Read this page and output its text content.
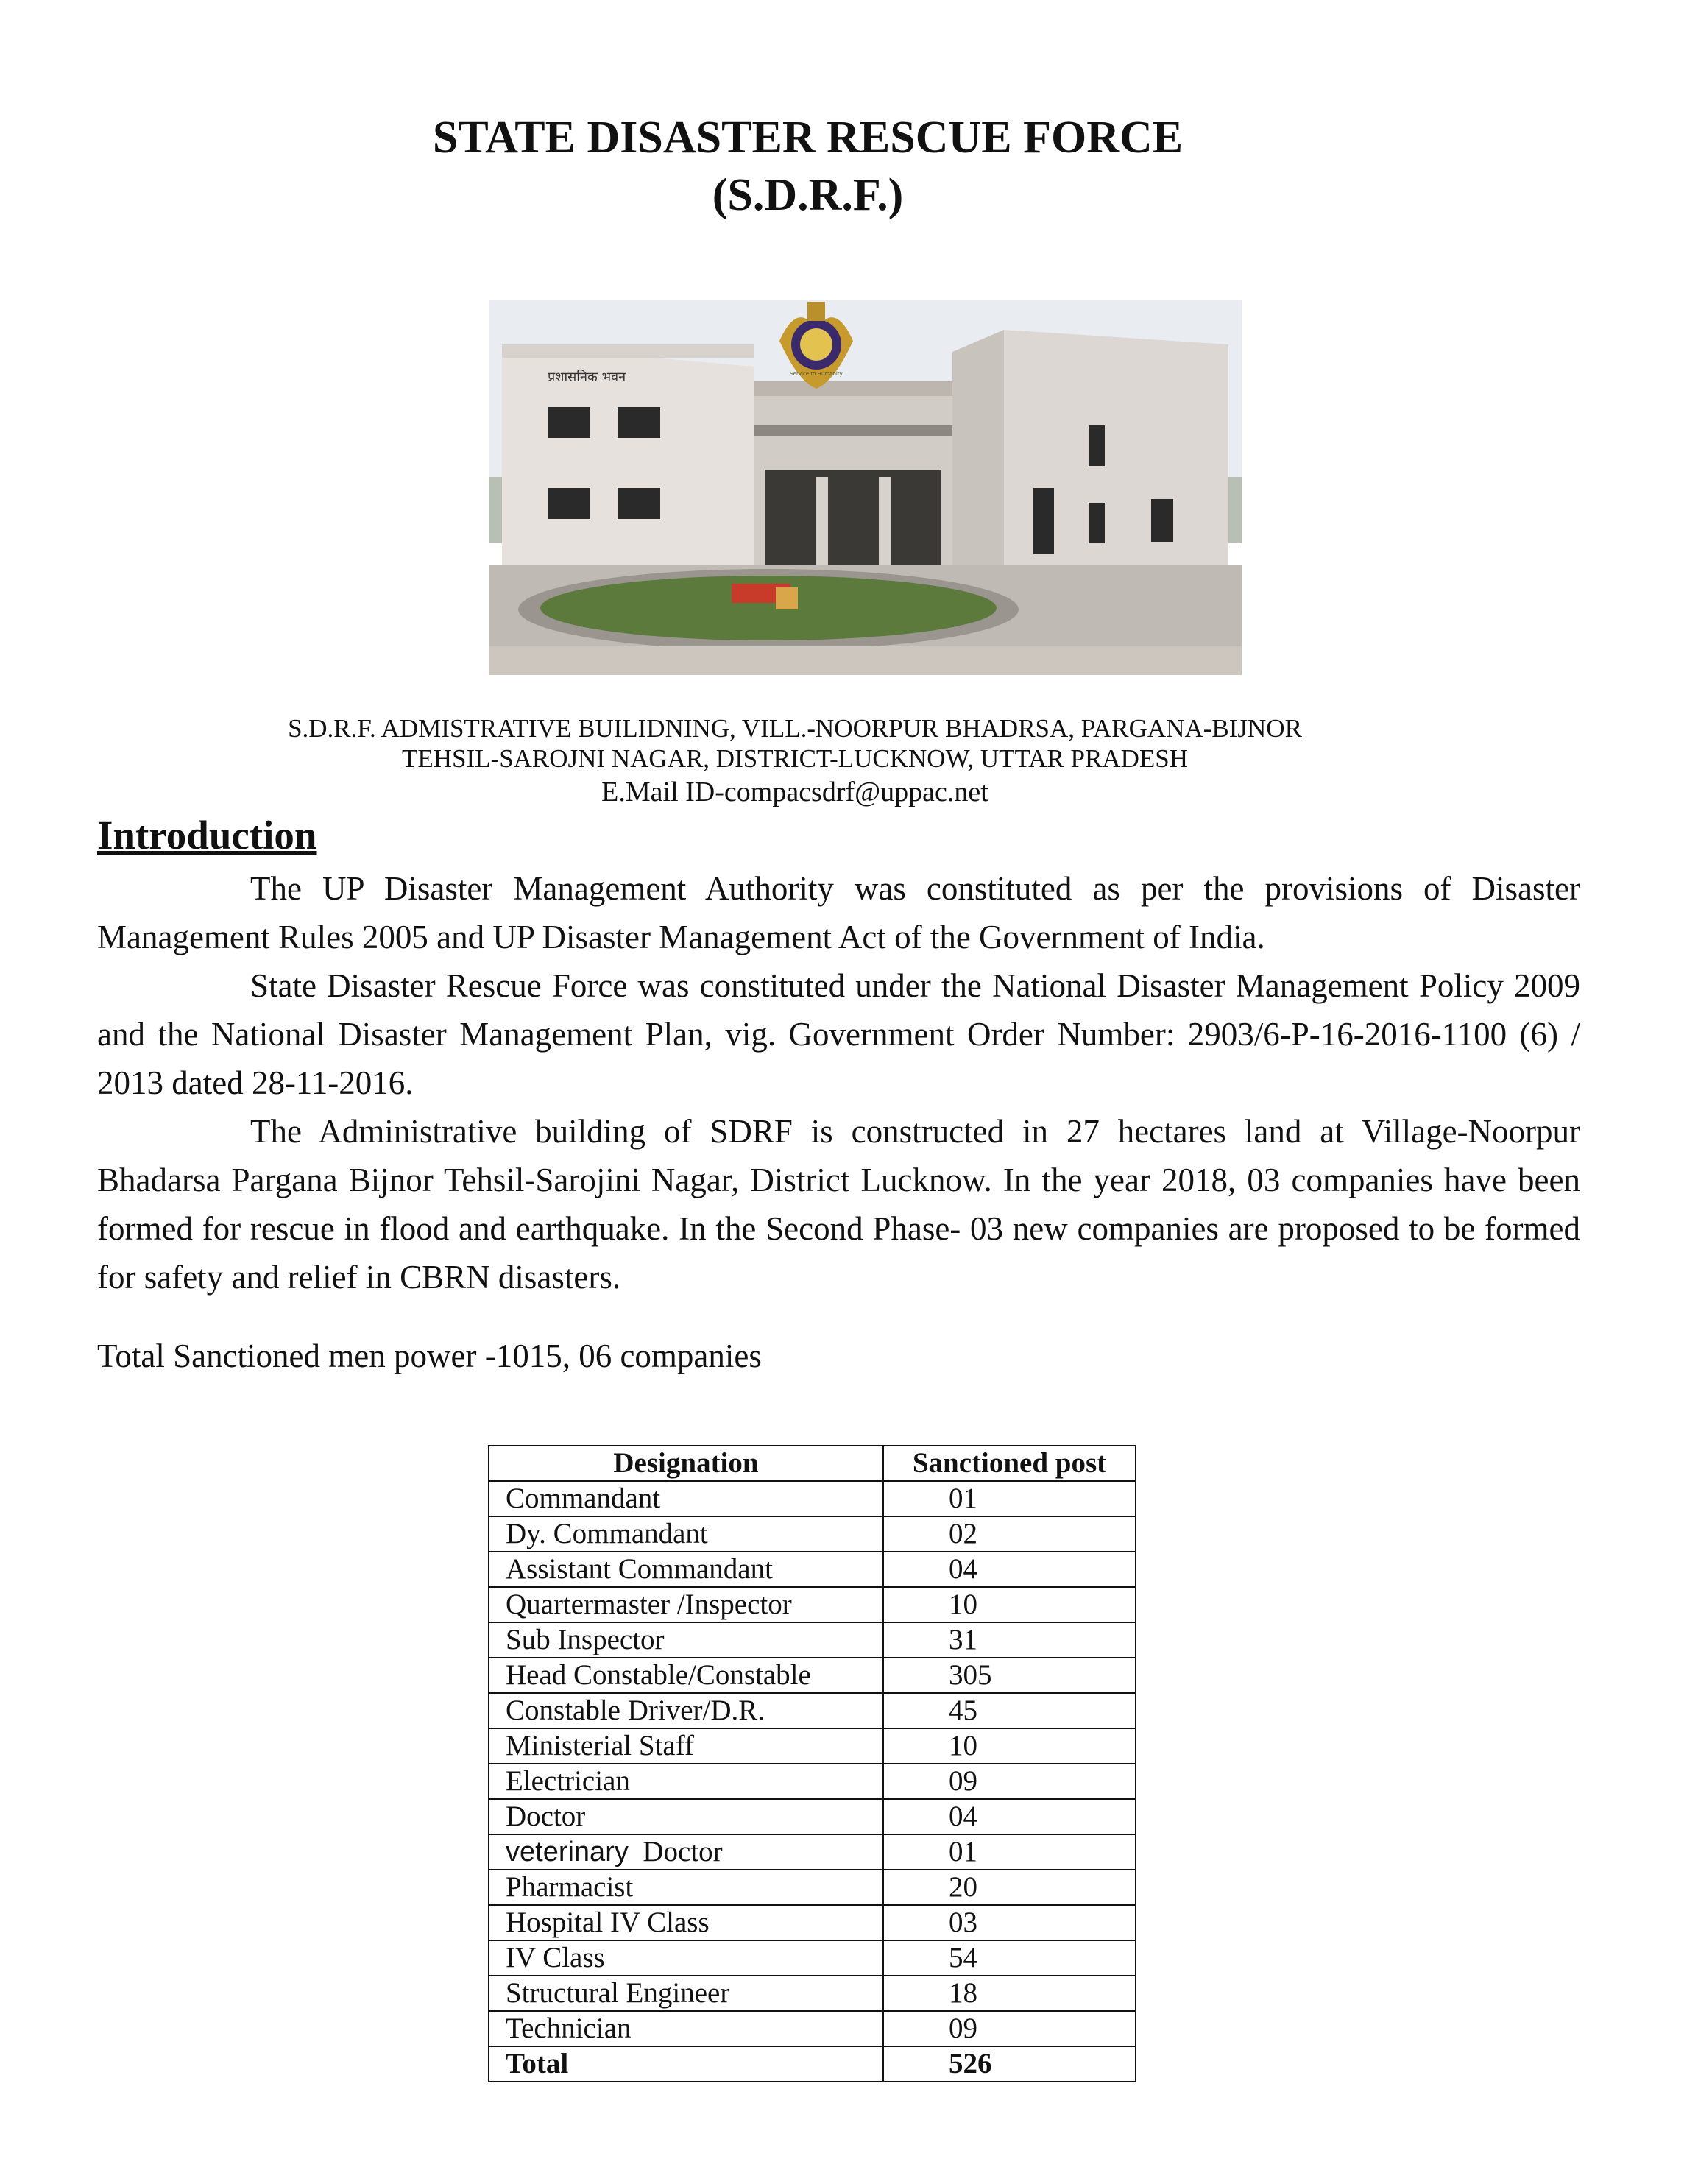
STATE DISASTER RESCUE FORCE
(S.D.R.F.)
प्रशासनिक भवन	Service to Humanity
S.D.R.F. ADMISTRATIVE BUILIDNING, VILL.-NOORPUR BHADRSA, PARGANA-BIJNOR
TEHSIL-SAROJNI NAGAR, DISTRICT-LUCKNOW, UTTAR PRADESH
E.Mail ID-compacsdrf@uppac.net
Introduction

The UP Disaster Management Authority was constituted as per the provisions of Disaster Management Rules 2005 and UP Disaster Management Act of the Government of India.

State Disaster Rescue Force was constituted under the National Disaster Management Policy 2009 and the National Disaster Management Plan, vig. Government Order Number: 2903/6-P-16-2016-1100 (6) / 2013 dated 28-11-2016.

The Administrative building of SDRF is constructed in 27 hectares land at Village-Noorpur Bhadarsa Pargana Bijnor Tehsil-Sarojini Nagar, District Lucknow. In the year 2018, 03 companies have been formed for rescue in flood and earthquake. In the Second Phase- 03 new companies are proposed to be formed for safety and relief in CBRN disasters.

Total Sanctioned men power -1015, 06 companies
Designation	Sanctioned post
Commandant	01
Dy. Commandant	02
Assistant Commandant	04
Quartermaster /Inspector	10
Sub Inspector	31
Head Constable/Constable	305
Constable Driver/D.R.	45
Ministerial Staff	10
Electrician	09
Doctor	04
veterinary Doctor	01
Pharmacist	20
Hospital IV Class	03
IV Class	54
Structural Engineer	18
Technician	09
Total	526
